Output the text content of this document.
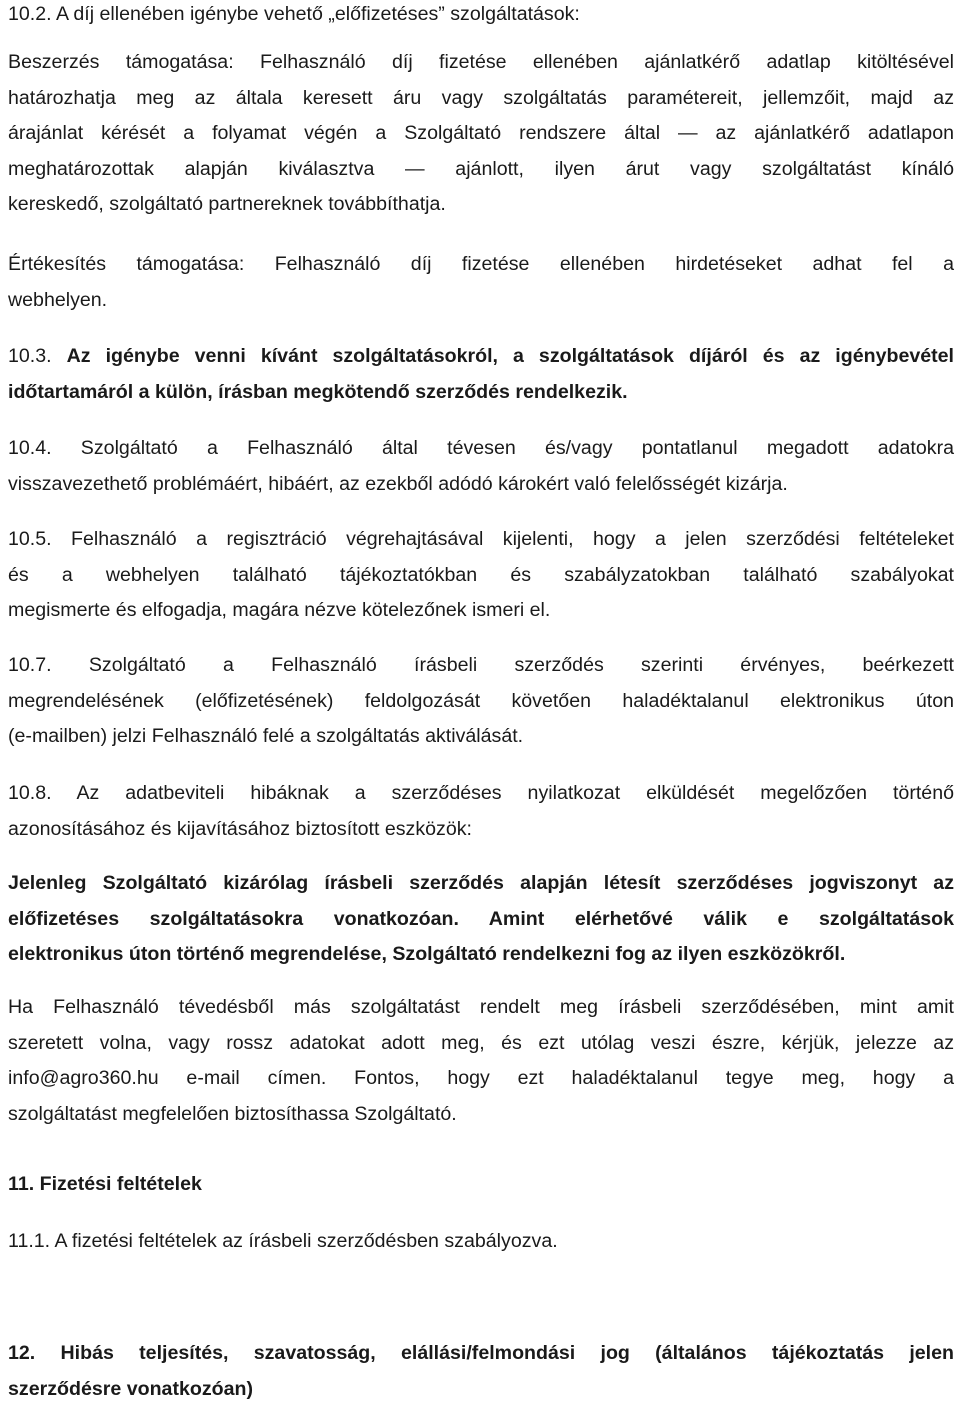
10.2. A díj ellenében igénybe vehető „előfizetéses” szolgáltatások:

Beszerzés támogatása: Felhasználó díj fizetése ellenében ajánlatkérő adatlap kitöltésével
határozhatja meg az általa keresett áru vagy szolgáltatás paramétereit, jellemzőit, majd az
árajánlat kérését a folyamat végén a Szolgáltató rendszere által — az ajánlatkérő adatlapon
meghatározottak alapján kiválasztva — ajánlott, ilyen árut vagy szolgáltatást kínáló
kereskedő, szolgáltató partnereknek továbbíthatja.

Értékesítés támogatása: Felhasználó díj fizetése ellenében hirdetéseket adhat fel a
webhelyen.

10.3. Az igénybe venni kívánt szolgáltatásokról, a szolgáltatások díjáról és az igénybevétel
időtartamáról a külön, írásban megkötendő szerződés rendelkezik.

10.4. Szolgáltató a Felhasználó által tévesen és/vagy pontatlanul megadott adatokra
visszavezethető problémáért, hibáért, az ezekből adódó károkért való felelősségét kizárja.

10.5. Felhasználó a regisztráció végrehajtásával kijelenti, hogy a jelen szerződési feltételeket
és a webhelyen található tájékoztatókban és szabályzatokban található szabályokat
megismerte és elfogadja, magára nézve kötelezőnek ismeri el.

10.7. Szolgáltató a Felhasználó írásbeli szerződés szerinti érvényes, beérkezett
megrendelésének (előfizetésének) feldolgozását követően haladéktalanul elektronikus úton
(e-mailben) jelzi Felhasználó felé a szolgáltatás aktiválását.

10.8. Az adatbeviteli hibáknak a szerződéses nyilatkozat elküldését megelőzően történő
azonosításához és kijavításához biztosított eszközök:

Jelenleg Szolgáltató kizárólag írásbeli szerződés alapján létesít szerződéses jogviszonyt az
előfizetéses szolgáltatásokra vonatkozóan. Amint elérhetővé válik e szolgáltatások
elektronikus úton történő megrendelése, Szolgáltató rendelkezni fog az ilyen eszközökről.

Ha Felhasználó tévedésből más szolgáltatást rendelt meg írásbeli szerződésében, mint amit
szeretett volna, vagy rossz adatokat adott meg, és ezt utólag veszi észre, kérjük, jelezze az
info@agro360.hu e-mail címen. Fontos, hogy ezt haladéktalanul tegye meg, hogy a
szolgáltatást megfelelően biztosíthassa Szolgáltató.

11. Fizetési feltételek

11.1. A fizetési feltételek az írásbeli szerződésben szabályozva.

12. Hibás teljesítés, szavatosság, elállási/felmondási jog (általános tájékoztatás jelen
szerződésre vonatkozóan)
